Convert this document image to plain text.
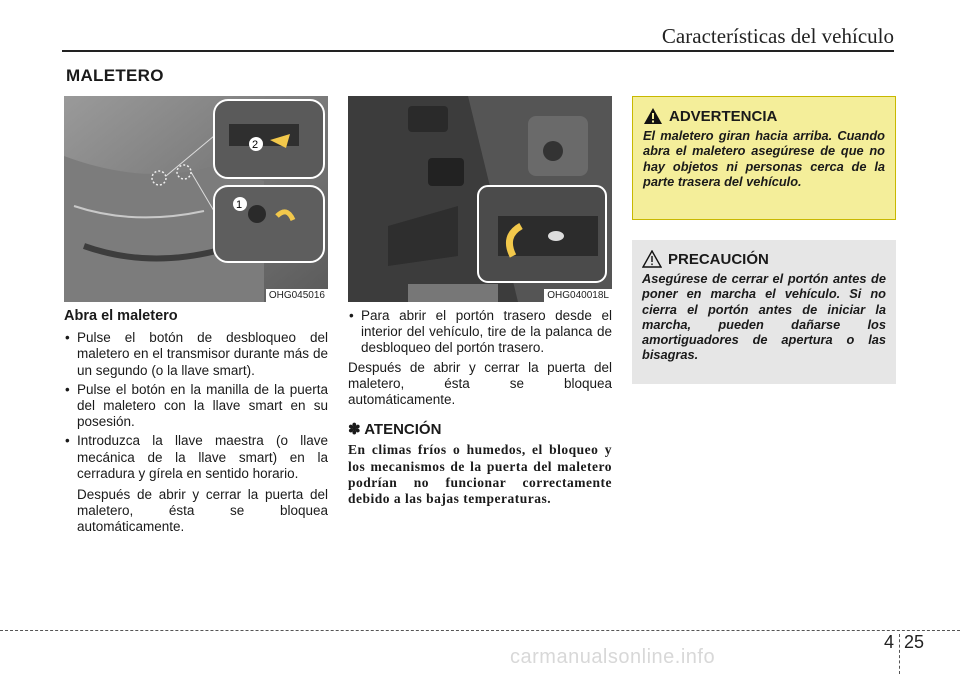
Características del vehículo
MALETERO
2
1
OHG045016	OHG040018L
Abra el maletero
• Pulse el botón de desbloqueo del maletero en el transmisor durante más de un segundo (o la llave smart).
• Pulse el botón en la manilla de la puerta del maletero con la llave smart en su posesión.
• Introduzca la llave maestra (o llave mecánica de la llave smart) en la cerradura y gírela en sentido horario.

Después de abrir y cerrar la puerta del maletero, ésta se bloquea automáticamente.

• Para abrir el portón trasero desde el interior del vehículo, tire de la palanca de desbloqueo del portón trasero.

Después de abrir y cerrar la puerta del maletero, ésta se bloquea automáticamente.

✽ ATENCIÓN
En climas fríos o humedos, el bloqueo y los mecanismos de la puerta del maletero podrían no funcionar correctamente debido a las bajas temperaturas.
ADVERTENCIA
El maletero giran hacia arriba. Cuando abra el maletero asegúrese de que no hay objetos ni personas cerca de la parte trasera del vehículo.
PRECAUCIÓN
Asegúrese de cerrar el portón antes de poner en marcha el vehículo. Si no cierra el portón antes de iniciar la marcha, pueden dañarse los amortiguadores de apertura o las bisagras.
4 25
carmanualsonline.info
